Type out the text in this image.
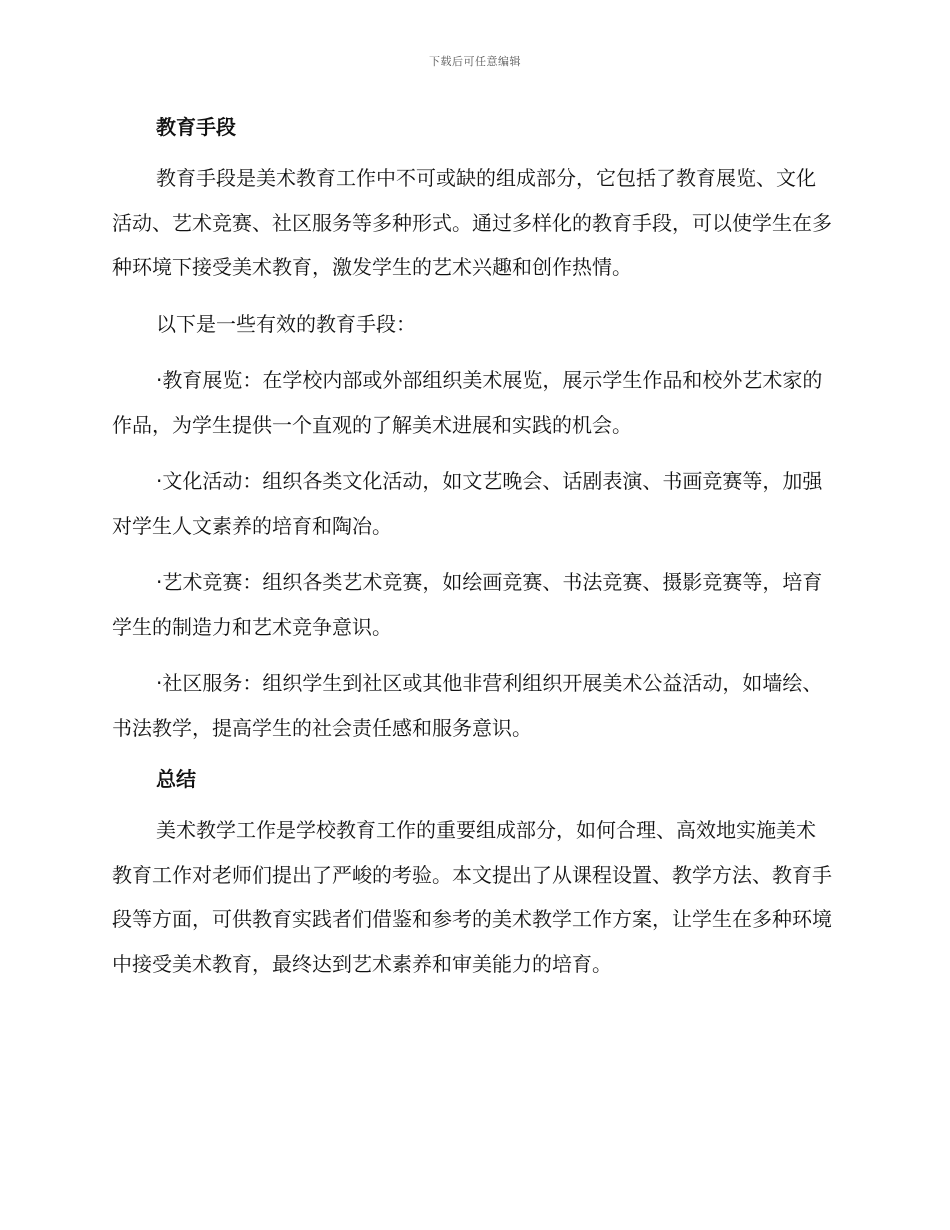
下载后可任意编辑
教育手段

教育手段是美术教育工作中不可或缺的组成部分，它包括了教育展览、文化活动、艺术竞赛、社区服务等多种形式。通过多样化的教育手段，可以使学生在多种环境下接受美术教育，激发学生的艺术兴趣和创作热情。

以下是一些有效的教育手段：

·教育展览：在学校内部或外部组织美术展览，展示学生作品和校外艺术家的作品，为学生提供一个直观的了解美术进展和实践的机会。

·文化活动：组织各类文化活动，如文艺晚会、话剧表演、书画竞赛等，加强对学生人文素养的培育和陶冶。

·艺术竞赛：组织各类艺术竞赛，如绘画竞赛、书法竞赛、摄影竞赛等，培育学生的制造力和艺术竞争意识。

·社区服务：组织学生到社区或其他非营利组织开展美术公益活动，如墙绘、书法教学，提高学生的社会责任感和服务意识。

总结

美术教学工作是学校教育工作的重要组成部分，如何合理、高效地实施美术教育工作对老师们提出了严峻的考验。本文提出了从课程设置、教学方法、教育手段等方面，可供教育实践者们借鉴和参考的美术教学工作方案，让学生在多种环境中接受美术教育，最终达到艺术素养和审美能力的培育。
